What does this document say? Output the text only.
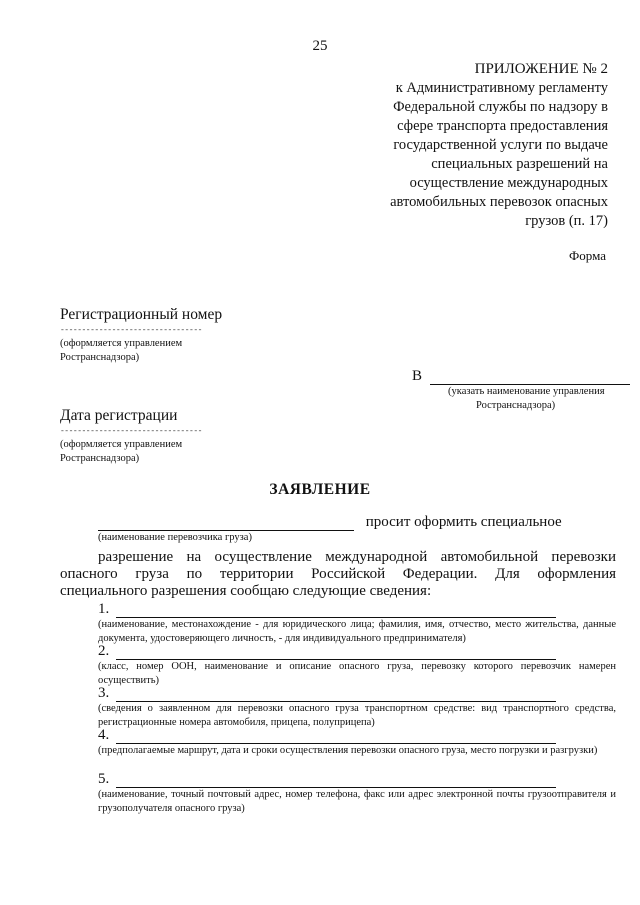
25
ПРИЛОЖЕНИЕ № 2
к Административному регламенту
Федеральной службы по надзору в
сфере транспорта предоставления
государственной услуги по выдаче
специальных разрешений на
осуществление международных
автомобильных перевозок опасных
грузов (п. 17)
Форма
Регистрационный номер
---------------------------------
(оформляется управлением
Ространснадзора)
В
(указать наименование управления
Ространснадзора)
Дата регистрации
---------------------------------
(оформляется управлением
Ространснадзора)
ЗАЯВЛЕНИЕ
просит оформить специальное
(наименование перевозчика груза)
разрешение на осуществление международной автомобильной перевозки
опасного груза по территории Российской Федерации. Для оформления
специального разрешения сообщаю следующие сведения:
1.
(наименование, местонахождение - для юридического лица; фамилия, имя, отчество, место жительства, данные документа, удостоверяющего личность, - для индивидуального предпринимателя)
2.
(класс, номер ООН, наименование и описание опасного груза, перевозку которого перевозчик намерен осуществить)
3.
(сведения о заявленном для перевозки опасного груза транспортном средстве: вид транспортного средства, регистрационные номера автомобиля, прицепа, полуприцепа)
4.
(предполагаемые маршрут, дата и сроки осуществления перевозки опасного груза, место погрузки и разгрузки)
5.
(наименование, точный почтовый адрес, номер телефона, факс или адрес электронной почты грузоотправителя и грузополучателя опасного груза)
